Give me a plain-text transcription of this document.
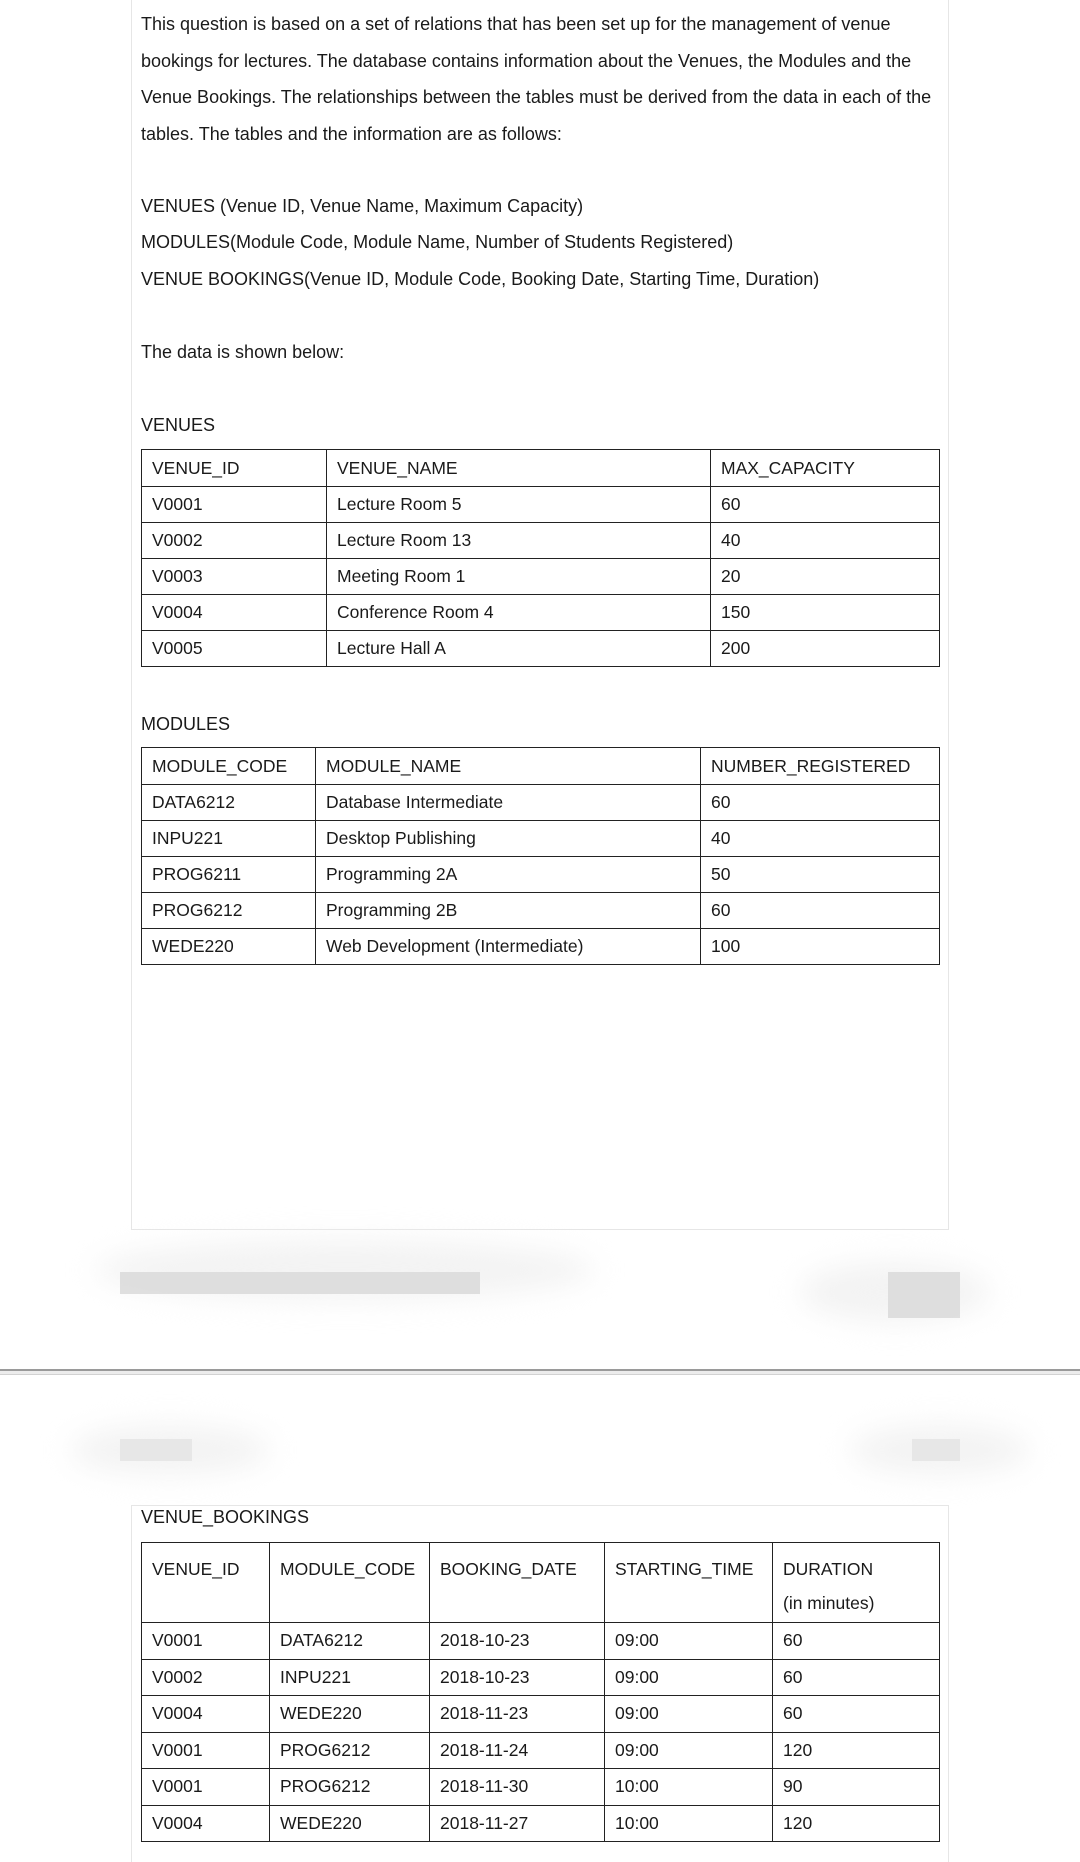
This question is based on a set of relations that has been set up for the management of venue bookings for lectures. The database contains information about the Venues, the Modules and the Venue Bookings. The relationships between the tables must be derived from the data in each of the tables. The tables and the information are as follows:
VENUES (Venue ID, Venue Name, Maximum Capacity)
MODULES(Module Code, Module Name, Number of Students Registered)
VENUE BOOKINGS(Venue ID, Module Code, Booking Date, Starting Time, Duration)
The data is shown below:
VENUES
VENUE_ID	VENUE_NAME	MAX_CAPACITY
V0001	Lecture Room 5	60
V0002	Lecture Room 13	40
V0003	Meeting Room 1	20
V0004	Conference Room 4	150
V0005	Lecture Hall A	200
MODULES
MODULE_CODE	MODULE_NAME	NUMBER_REGISTERED
DATA6212	Database Intermediate	60
INPU221	Desktop Publishing	40
PROG6211	Programming 2A	50
PROG6212	Programming 2B	60
WEDE220	Web Development (Intermediate)	100
VENUE_BOOKINGS
VENUE_ID	MODULE_CODE	BOOKING_DATE	STARTING_TIME	DURATION
(in minutes)
V0001	DATA6212	2018-10-23	09:00	60
V0002	INPU221	2018-10-23	09:00	60
V0004	WEDE220	2018-11-23	09:00	60
V0001	PROG6212	2018-11-24	09:00	120
V0001	PROG6212	2018-11-30	10:00	90
V0004	WEDE220	2018-11-27	10:00	120
